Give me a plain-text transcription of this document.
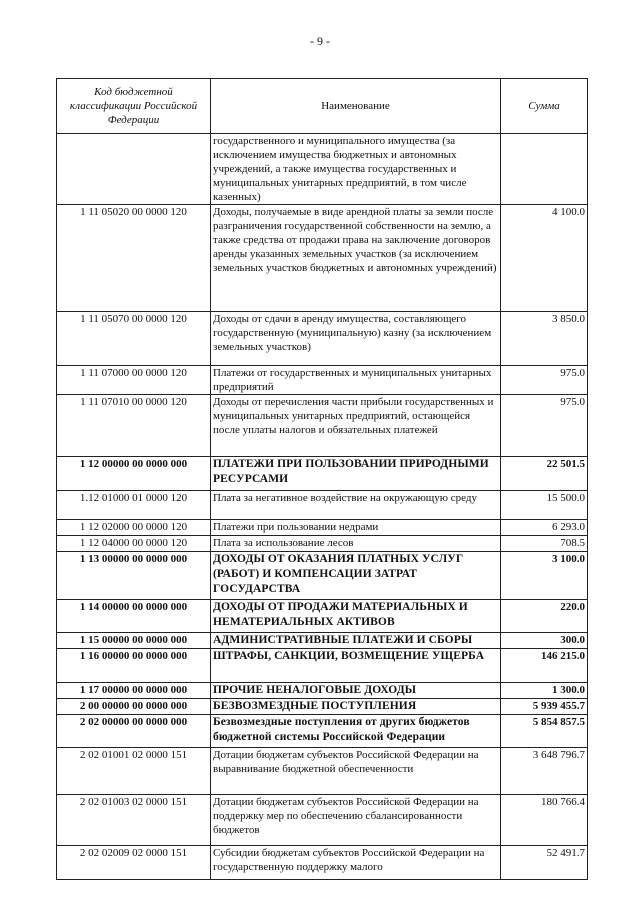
- 9 -
Код бюджетной классификации Российской Федерации	Наименование	Сумма
	государственного и муниципального имущества (за исключением имущества бюджетных и автономных учреждений, а также имущества государственных и муниципальных унитарных предприятий, в том числе казенных)	
1 11 05020 00 0000 120	Доходы, получаемые в виде арендной платы за земли после разграничения государственной собственности на землю, а также средства от продажи права на заключение договоров аренды указанных земельных участков (за исключением земельных участков бюджетных и автономных учреждений)	4 100.0
1 11 05070 00 0000 120	Доходы от сдачи в аренду имущества, составляющего государственную (муниципальную) казну (за исключением земельных участков)	3 850.0
1 11 07000 00 0000 120	Платежи от государственных и муниципальных унитарных предприятий	975.0
1 11 07010 00 0000 120	Доходы от перечисления части прибыли государственных и муниципальных унитарных предприятий, остающейся после уплаты налогов и обязательных платежей	975.0
1 12 00000 00 0000 000	ПЛАТЕЖИ ПРИ ПОЛЬЗОВАНИИ ПРИРОДНЫМИ РЕСУРСАМИ	22 501.5
1.12 01000 01 0000 120	Плата за негативное воздействие на окружающую среду	15 500.0
1 12 02000 00 0000 120	Платежи при пользовании недрами	6 293.0
1 12 04000 00 0000 120	Плата за использование лесов	708.5
1 13 00000 00 0000 000	ДОХОДЫ ОТ ОКАЗАНИЯ ПЛАТНЫХ УСЛУГ (РАБОТ) И КОМПЕНСАЦИИ ЗАТРАТ ГОСУДАРСТВА	3 100.0
1 14 00000 00 0000 000	ДОХОДЫ ОТ ПРОДАЖИ МАТЕРИАЛЬНЫХ И НЕМАТЕРИАЛЬНЫХ АКТИВОВ	220.0
1 15 00000 00 0000 000	АДМИНИСТРАТИВНЫЕ ПЛАТЕЖИ И СБОРЫ	300.0
1 16 00000 00 0000 000	ШТРАФЫ, САНКЦИИ, ВОЗМЕЩЕНИЕ УЩЕРБА	146 215.0
1 17 00000 00 0000 000	ПРОЧИЕ НЕНАЛОГОВЫЕ ДОХОДЫ	1 300.0
2 00 00000 00 0000 000	БЕЗВОЗМЕЗДНЫЕ ПОСТУПЛЕНИЯ	5 939 455.7
2 02 00000 00 0000 000	Безвозмездные поступления от других бюджетов бюджетной системы Российской Федерации	5 854 857.5
2 02 01001 02 0000 151	Дотации бюджетам субъектов Российской Федерации на выравнивание бюджетной обеспеченности	3 648 796.7
2 02 01003 02 0000 151	Дотации бюджетам субъектов Российской Федерации на поддержку мер по обеспечению сбалансированности бюджетов	180 766.4
2 02 02009 02 0000 151	Субсидии бюджетам субъектов Российской Федерации на государственную поддержку малого	52 491.7
